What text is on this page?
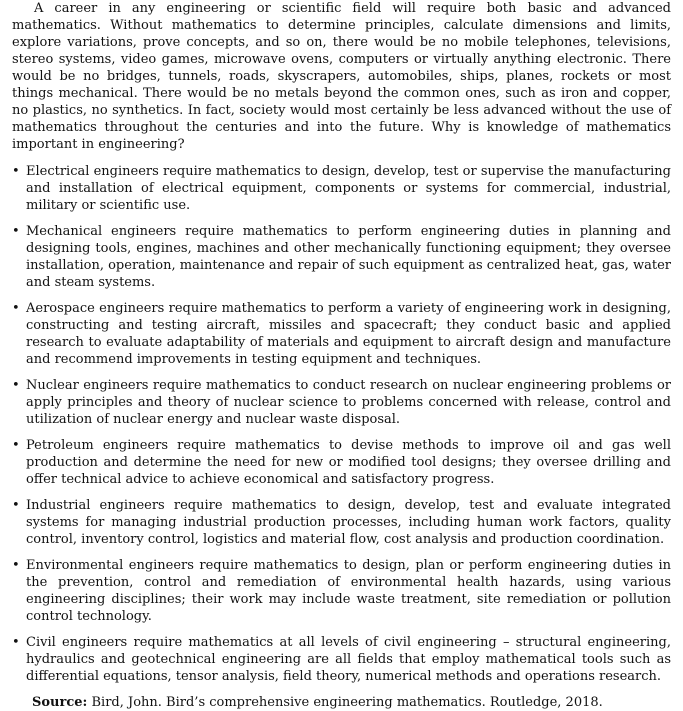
A career in any engineering or scientific field will require both basic and advanced mathematics. Without mathematics to determine principles, calculate dimensions and limits, explore variations, prove concepts, and so on, there would be no mobile telephones, televisions, stereo systems, video games, microwave ovens, computers or virtually anything electronic. There would be no bridges, tunnels, roads, skyscrapers, automobiles, ships, planes, rockets or most things mechanical. There would be no metals beyond the common ones, such as iron and copper, no plastics, no synthetics. In fact, society would most certainly be less advanced without the use of mathematics throughout the centuries and into the future. Why is knowledge of mathematics important in engineering?

• Electrical engineers require mathematics to design, develop, test or supervise the manufacturing and installation of electrical equipment, components or systems for commercial, industrial, military or scientific use.
• Mechanical engineers require mathematics to perform engineering duties in planning and designing tools, engines, machines and other mechanically functioning equipment; they oversee installation, operation, maintenance and repair of such equipment as centralized heat, gas, water and steam systems.
• Aerospace engineers require mathematics to perform a variety of engineering work in designing, constructing and testing aircraft, missiles and spacecraft; they conduct basic and applied research to evaluate adaptability of materials and equipment to aircraft design and manufacture and recommend improvements in testing equipment and techniques.
• Nuclear engineers require mathematics to conduct research on nuclear engineering problems or apply principles and theory of nuclear science to problems concerned with release, control and utilization of nuclear energy and nuclear waste disposal.
• Petroleum engineers require mathematics to devise methods to improve oil and gas well production and determine the need for new or modified tool designs; they oversee drilling and offer technical advice to achieve economical and satisfactory progress.
• Industrial engineers require mathematics to design, develop, test and evaluate integrated systems for managing industrial production processes, including human work factors, quality control, inventory control, logistics and material flow, cost analysis and production coordination.
• Environmental engineers require mathematics to design, plan or perform engineering duties in the prevention, control and remediation of environmental health hazards, using various engineering disciplines; their work may include waste treatment, site remediation or pollution control technology.
• Civil engineers require mathematics at all levels of civil engineering – structural engineering, hydraulics and geotechnical engineering are all fields that employ mathematical tools such as differential equations, tensor analysis, field theory, numerical methods and operations research.

Source: Bird, John. Bird’s comprehensive engineering mathematics. Routledge, 2018.
